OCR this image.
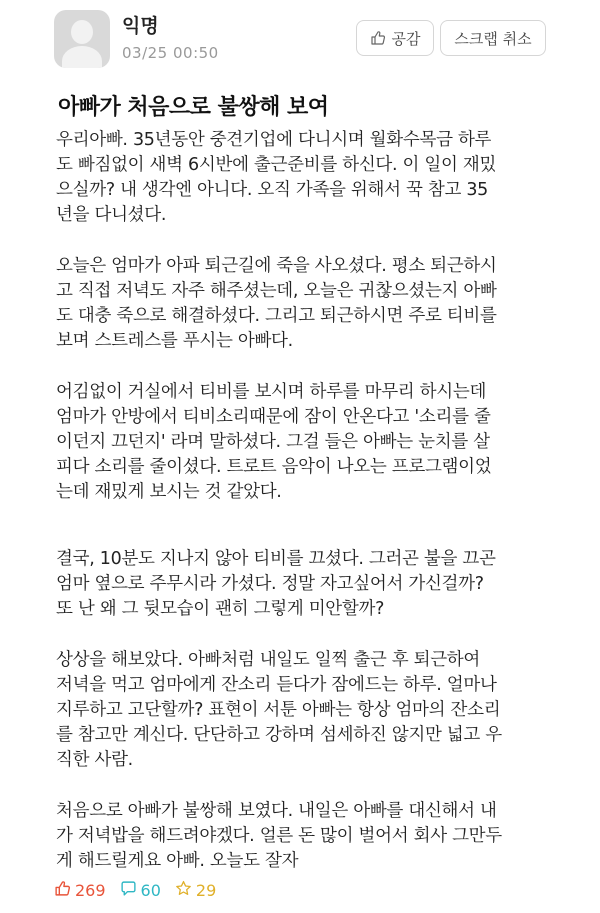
익명
03/25 00:50
공감 스크랩 취소
아빠가 처음으로 불쌍해 보여
우리아빠. 35년동안 중견기업에 다니시며 월화수목금 하루
도 빠짐없이 새벽 6시반에 출근준비를 하신다. 이 일이 재밌
으실까? 내 생각엔 아니다. 오직 가족을 위해서 꾹 참고 35
년을 다니셨다.
오늘은 엄마가 아파 퇴근길에 죽을 사오셨다. 평소 퇴근하시
고 직접 저녁도 자주 해주셨는데, 오늘은 귀찮으셨는지 아빠
도 대충 죽으로 해결하셨다. 그리고 퇴근하시면 주로 티비를
보며 스트레스를 푸시는 아빠다.
어김없이 거실에서 티비를 보시며 하루를 마무리 하시는데
엄마가 안방에서 티비소리때문에 잠이 안온다고 '소리를 줄
이던지 끄던지' 라며 말하셨다. 그걸 들은 아빠는 눈치를 살
피다 소리를 줄이셨다. 트로트 음악이 나오는 프로그램이었
는데 재밌게 보시는 것 같았다.
결국, 10분도 지나지 않아 티비를 끄셨다. 그러곤 불을 끄곤
엄마 옆으로 주무시라 가셨다. 정말 자고싶어서 가신걸까?
또 난 왜 그 뒷모습이 괜히 그렇게 미안할까?
상상을 해보았다. 아빠처럼 내일도 일찍 출근 후 퇴근하여
저녁을 먹고 엄마에게 잔소리 듣다가 잠에드는 하루. 얼마나
지루하고 고단할까? 표현이 서툰 아빠는 항상 엄마의 잔소리
를 참고만 계신다. 단단하고 강하며 섬세하진 않지만 넓고 우
직한 사람.
처음으로 아빠가 불쌍해 보였다. 내일은 아빠를 대신해서 내
가 저녁밥을 해드려야겠다. 얼른 돈 많이 벌어서 회사 그만두
게 해드릴게요 아빠. 오늘도 잘자
269 60 29
